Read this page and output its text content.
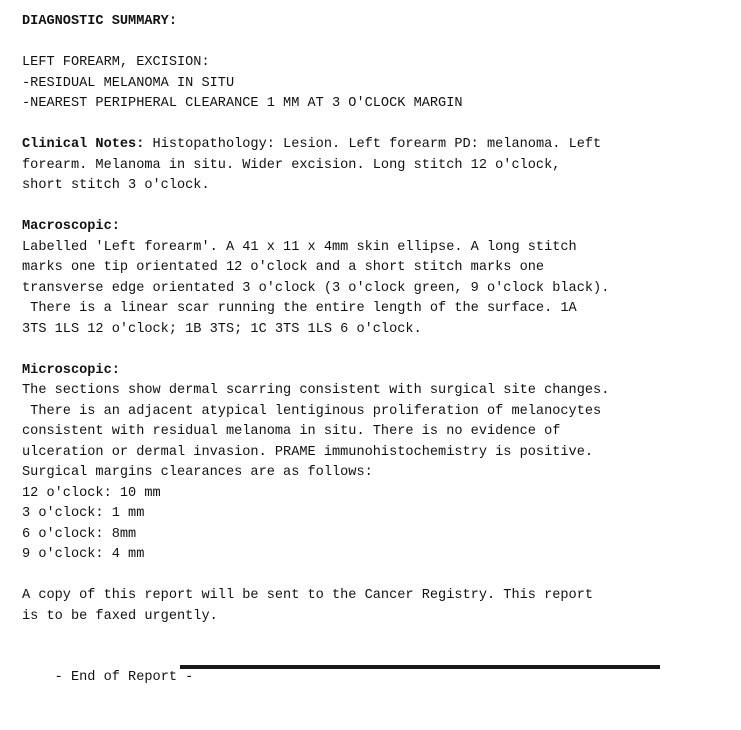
DIAGNOSTIC SUMMARY:
LEFT FOREARM, EXCISION:
-RESIDUAL MELANOMA IN SITU
-NEAREST PERIPHERAL CLEARANCE 1 MM AT 3 O'CLOCK MARGIN
Clinical Notes: Histopathology: Lesion. Left forearm PD: melanoma. Left
forearm. Melanoma in situ. Wider excision. Long stitch 12 o'clock,
short stitch 3 o'clock.
Macroscopic:
Labelled 'Left forearm'. A 41 x 11 x 4mm skin ellipse. A long stitch
marks one tip orientated 12 o'clock and a short stitch marks one
transverse edge orientated 3 o'clock (3 o'clock green, 9 o'clock black).
There is a linear scar running the entire length of the surface. 1A
3TS 1LS 12 o'clock; 1B 3TS; 1C 3TS 1LS 6 o'clock.
Microscopic:
The sections show dermal scarring consistent with surgical site changes.
There is an adjacent atypical lentiginous proliferation of melanocytes
consistent with residual melanoma in situ. There is no evidence of
ulceration or dermal invasion. PRAME immunohistochemistry is positive.
Surgical margins clearances are as follows:
12 o'clock: 10 mm
3 o'clock: 1 mm
6 o'clock: 8mm
9 o'clock: 4 mm
A copy of this report will be sent to the Cancer Registry. This report
is to be faxed urgently.

- End of Report -
